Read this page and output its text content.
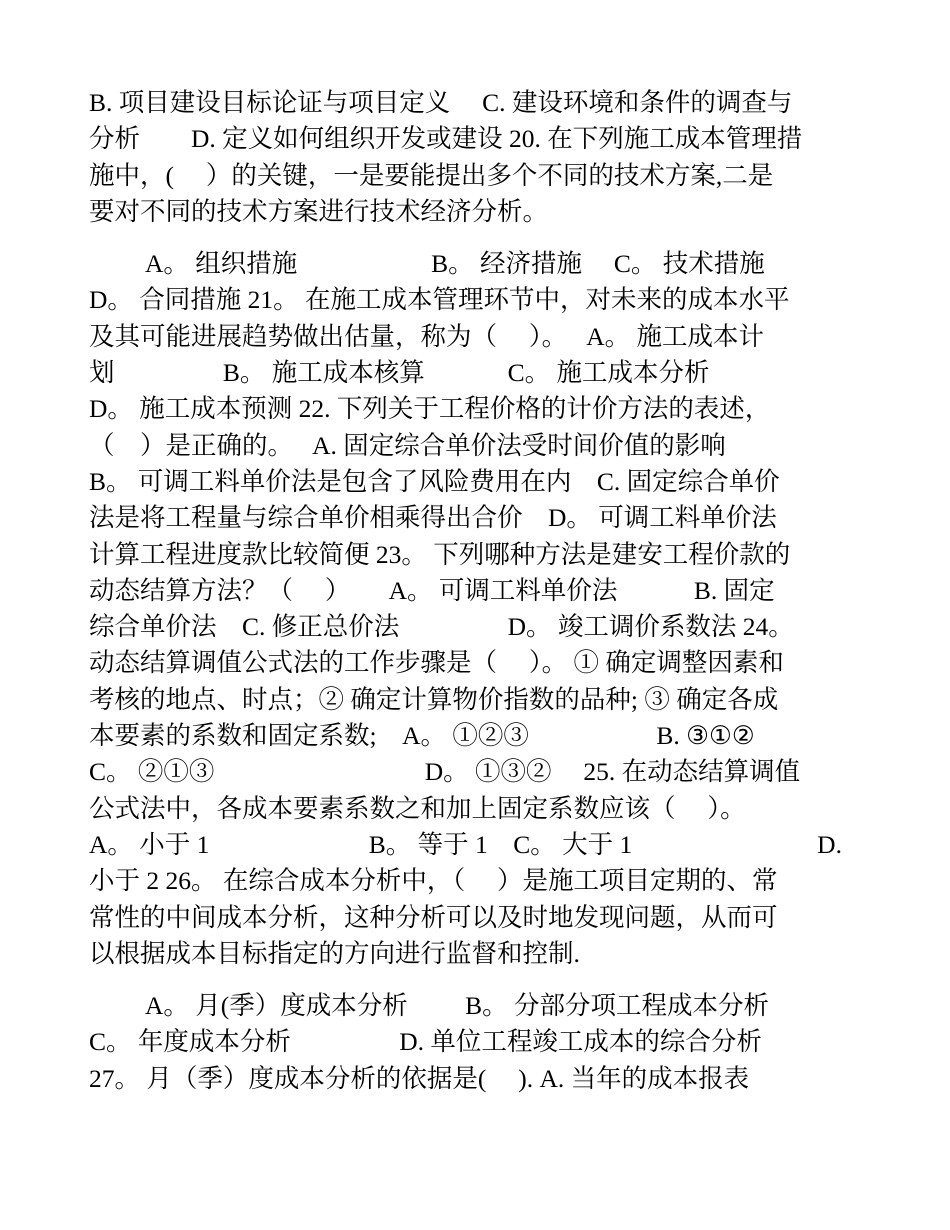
B. 项目建设目标论证与项目定义　 C. 建设环境和条件的调查与
分析　　D. 定义如何组织开发或建设 20. 在下列施工成本管理措
施中，(　 ）的关键，一是要能提出多个不同的技术方案,二是
要对不同的技术方案进行技术经济分析。

　　 A。 组织措施　　　　　 B。 经济措施　 C。 技术措施
D。 合同措施 21。 在施工成本管理环节中，对未来的成本水平
及其可能进展趋势做出估量，称为（　 ）。　 A。 施工成本计
划　　　　 B。 施工成本核算　　　 C。 施工成本分析
D。 施工成本预测 22. 下列关于工程价格的计价方法的表述，
（　）是正确的。　 A. 固定综合单价法受时间价值的影响
B。 可调工料单价法是包含了风险费用在内　C. 固定综合单价
法是将工程量与综合单价相乘得出合价　D。 可调工料单价法
计算工程进度款比较简便 23。 下列哪种方法是建安工程价款的
动态结算方法？（　 ）　　A。 可调工料单价法　　　B. 固定
综合单价法　C. 修正总价法　　　　 D。 竣工调价系数法 24。
动态结算调值公式法的工作步骤是（　 ）。 ① 确定调整因素和
考核的地点、时点；② 确定计算物价指数的品种; ③ 确定各成
本要素的系数和固定系数;　A。 ①②③　　　　　B. ③①②
C。 ②①③　　　　　　　　 D。 ①③②　 25. 在动态结算调值
公式法中，各成本要素系数之和加上固定系数应该（　 ）。
A。 小于 1　　　　　　 B。 等于 1　C。 大于 1　　　　　　　 D.
小于 2 26。 在综合成本分析中，（　 ）是施工项目定期的、常
常性的中间成本分析，这种分析可以及时地发现问题，从而可
以根据成本目标指定的方向进行监督和控制.

　　 A。 月(季）度成本分析　　 B。 分部分项工程成本分析
C。 年度成本分析　　　　 D. 单位工程竣工成本的综合分析
27。 月（季）度成本分析的依据是(　 ). A. 当年的成本报表
